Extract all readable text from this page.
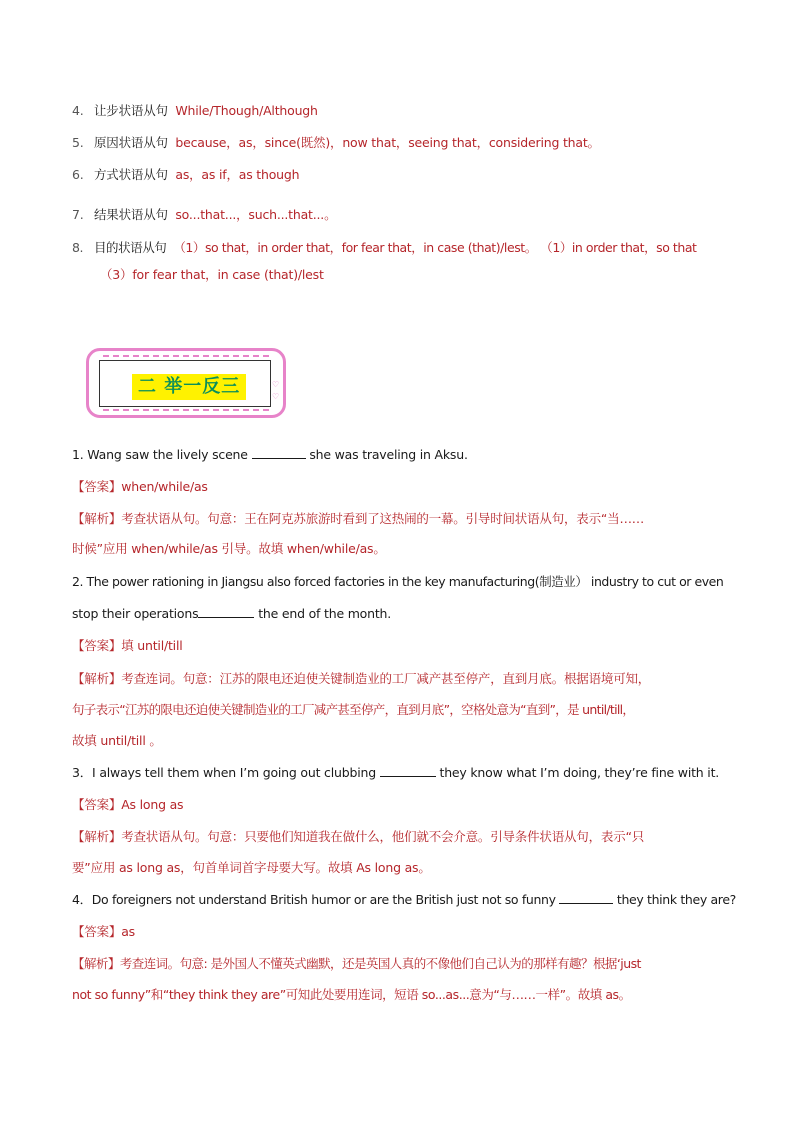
4. 让步状语从句 While/Though/Although
5. 原因状语从句 because，as，since(既然)，now that，seeing that，considering that。
6. 方式状语从句 as，as if，as though
7. 结果状语从句 so...that...，such...that...。
8. 目的状语从句 （1）so that，in order that，for fear that，in case (that)/lest。 （1）in order that，so that
（3）for fear that，in case (that)/lest
二 举一反三	♡
♡
1. Wang saw the lively scene	she was traveling in Aksu.
【答案】when/while/as
【解析】考查状语从句。句意：王在阿克苏旅游时看到了这热闹的一幕。引导时间状语从句，表示“当……
时候”应用 when/while/as 引导。故填 when/while/as。
2. The power rationing in Jiangsu also forced factories in the key manufacturing(制造业） industry to cut or even
stop their operations	the end of the month.
【答案】填 until/till
【解析】考查连词。句意：江苏的限电还迫使关键制造业的工厂减产甚至停产，直到月底。根据语境可知，
句子表示“江苏的限电还迫使关键制造业的工厂减产甚至停产，直到月底”，空格处意为“直到”，是 until/till，
故填 until/till 。
3．I always tell them when I’m going out clubbing	they know what I’m doing, they’re fine with it.
【答案】As long as
【解析】考查状语从句。句意：只要他们知道我在做什么，他们就不会介意。引导条件状语从句，表示“只
要”应用 as long as，句首单词首字母要大写。故填 As long as。
4．Do foreigners not understand British humor or are the British just not so funny	they think they are?
【答案】as
【解析】考查连词。句意: 是外国人不懂英式幽默，还是英国人真的不像他们自己认为的那样有趣？根据‘just
not so funny”和“they think they are”可知此处要用连词，短语 so...as...意为“与……一样”。故填 as。
